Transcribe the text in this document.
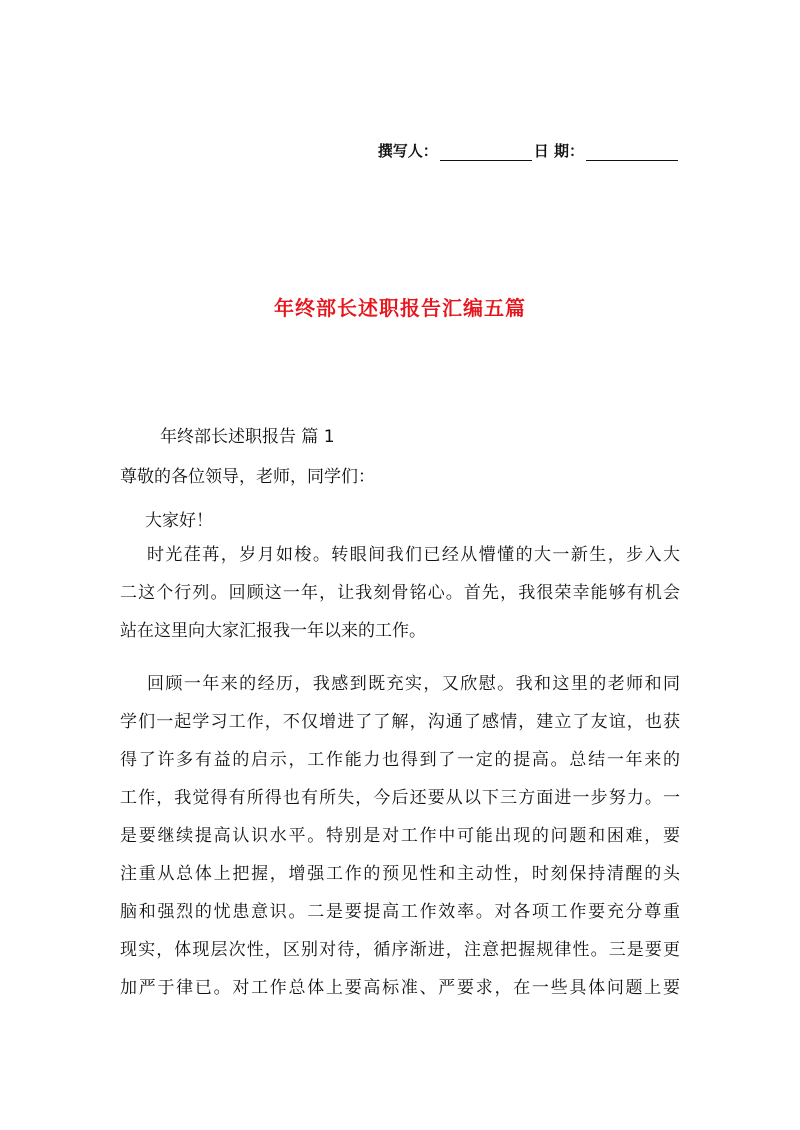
撰写人：	日 期：
年终部长述职报告汇编五篇
年终部长述职报告 篇 1
尊敬的各位领导，老师，同学们：
大家好！
时光荏苒，岁月如梭。转眼间我们已经从懵懂的大一新生，步入大
二这个行列。回顾这一年，让我刻骨铭心。首先，我很荣幸能够有机会
站在这里向大家汇报我一年以来的工作。
回顾一年来的经历，我感到既充实，又欣慰。我和这里的老师和同
学们一起学习工作，不仅增进了了解，沟通了感情，建立了友谊，也获
得了许多有益的启示，工作能力也得到了一定的提高。总结一年来的
工作，我觉得有所得也有所失，今后还要从以下三方面进一步努力。一
是要继续提高认识水平。特别是对工作中可能出现的问题和困难，要
注重从总体上把握，增强工作的预见性和主动性，时刻保持清醒的头
脑和强烈的忧患意识。二是要提高工作效率。对各项工作要充分尊重
现实，体现层次性，区别对待，循序渐进，注意把握规律性。三是要更
加严于律已。对工作总体上要高标准、严要求，在一些具体问题上要
